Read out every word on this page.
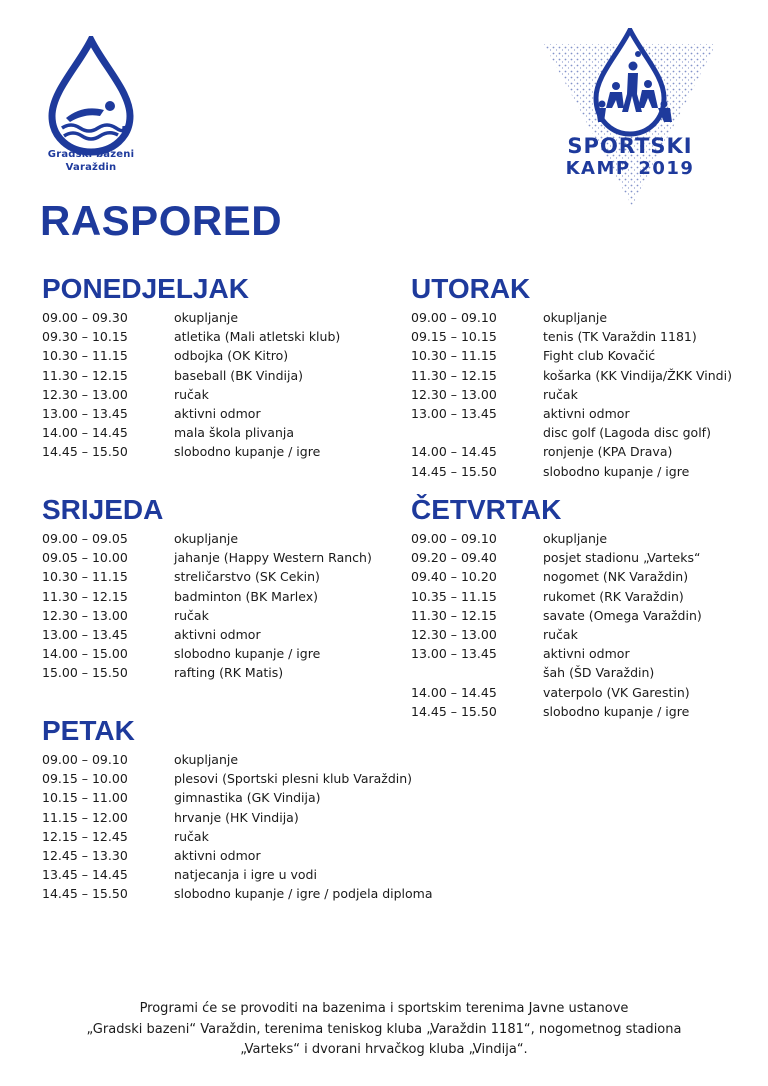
Gradski bazeni
Varaždin
SPORTSKI
KAMP 2019
RASPORED
PONEDJELJAK
09.00 – 09.30	okupljanje
09.30 – 10.15	atletika (Mali atletski klub)
10.30 – 11.15	odbojka (OK Kitro)
11.30 – 12.15	baseball (BK Vindija)
12.30 – 13.00	ručak
13.00 – 13.45	aktivni odmor
14.00 – 14.45	mala škola plivanja
14.45 – 15.50	slobodno kupanje / igre
UTORAK
09.00 – 09.10	okupljanje
09.15 – 10.15	tenis (TK Varaždin 1181)
10.30 – 11.15	Fight club Kovačić
11.30 – 12.15	košarka (KK Vindija/ŽKK Vindi)
12.30 – 13.00	ručak
13.00 – 13.45	aktivni odmor
disc golf (Lagoda disc golf)
14.00 – 14.45	ronjenje (KPA Drava)
14.45 – 15.50	slobodno kupanje / igre
SRIJEDA
09.00 – 09.05	okupljanje
09.05 – 10.00	jahanje (Happy Western Ranch)
10.30 – 11.15	streličarstvo (SK Cekin)
11.30 – 12.15	badminton (BK Marlex)
12.30 – 13.00	ručak
13.00 – 13.45	aktivni odmor
14.00 – 15.00	slobodno kupanje / igre
15.00 – 15.50	rafting (RK Matis)
ČETVRTAK
09.00 – 09.10	okupljanje
09.20 – 09.40	posjet stadionu „Varteks“
09.40 – 10.20	nogomet (NK Varaždin)
10.35 – 11.15	rukomet (RK Varaždin)
11.30 – 12.15	savate (Omega Varaždin)
12.30 – 13.00	ručak
13.00 – 13.45	aktivni odmor
šah (ŠD Varaždin)
14.00 – 14.45	vaterpolo (VK Garestin)
14.45 – 15.50	slobodno kupanje / igre
PETAK
09.00 – 09.10	okupljanje
09.15 – 10.00	plesovi (Sportski plesni klub Varaždin)
10.15 – 11.00	gimnastika (GK Vindija)
11.15 – 12.00	hrvanje (HK Vindija)
12.15 – 12.45	ručak
12.45 – 13.30	aktivni odmor
13.45 – 14.45	natjecanja i igre u vodi
14.45 – 15.50	slobodno kupanje / igre / podjela diploma
Programi će se provoditi na bazenima i sportskim terenima Javne ustanove
„Gradski bazeni“ Varaždin, terenima teniskog kluba „Varaždin 1181“, nogometnog stadiona
„Varteks“ i dvorani hrvačkog kluba „Vindija“.
